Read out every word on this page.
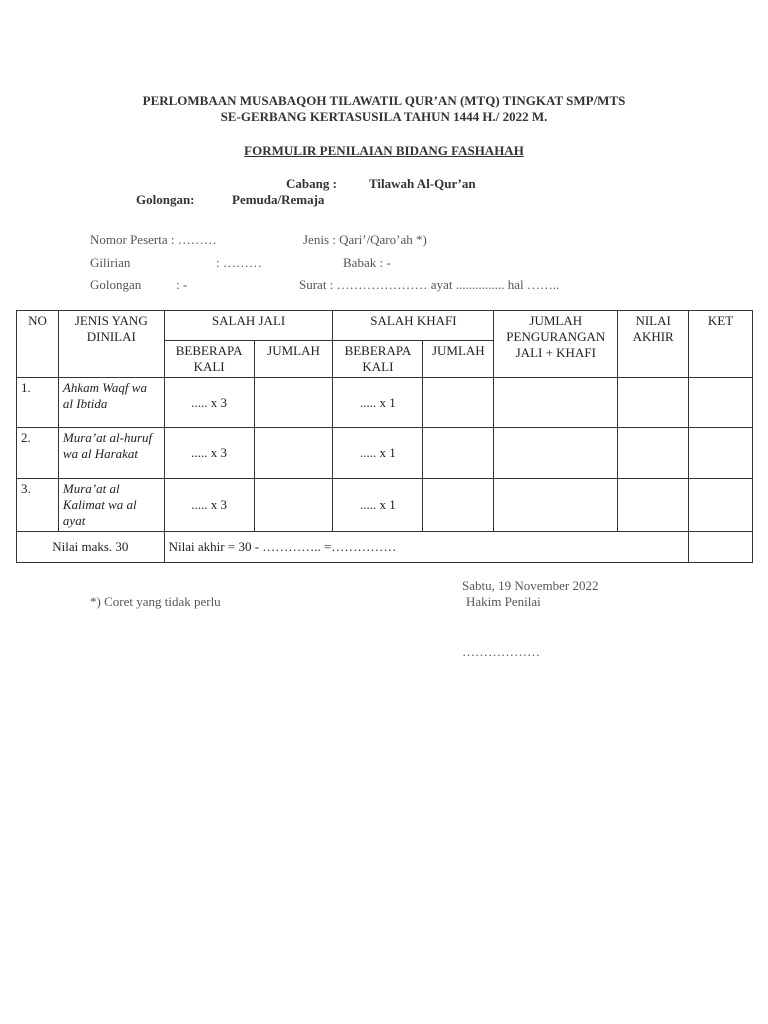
PERLOMBAAN MUSABAQOH TILAWATIL QUR’AN (MTQ) TINGKAT SMP/MTS
SE-GERBANG KERTASUSILA TAHUN 1444 H./ 2022 M.
FORMULIR PENILAIAN BIDANG FASHAHAH
Cabang : Tilawah Al-Qur’an
Golongan:	Pemuda/Remaja
Nomor Peserta : ………	Jenis : Qari’/Qaro’ah *)
Gilirian	: ………	Babak : -
Golongan	: -	Surat : ………………… ayat ............... hal ……..
NO	JENIS YANG DINILAI	SALAH JALI		SALAH KHAFI		JUMLAH PENGURANGAN JALI + KHAFI	NILAI AKHIR	KET
		BEBERAPA KALI	JUMLAH	BEBERAPA KALI	JUMLAH			
1.	Ahkam Waqf wa al Ibtida	..... x 3		..... x 1				
2.	Mura’at al-huruf wa al Harakat	..... x 3		..... x 1				
3.	Mura’at al Kalimat wa al ayat	..... x 3		..... x 1				
Nilai maks. 30		Nilai akhir = 30 - ………….. =……………						
Sabtu, 19 November 2022
*) Coret yang tidak perlu	Hakim Penilai
………………
